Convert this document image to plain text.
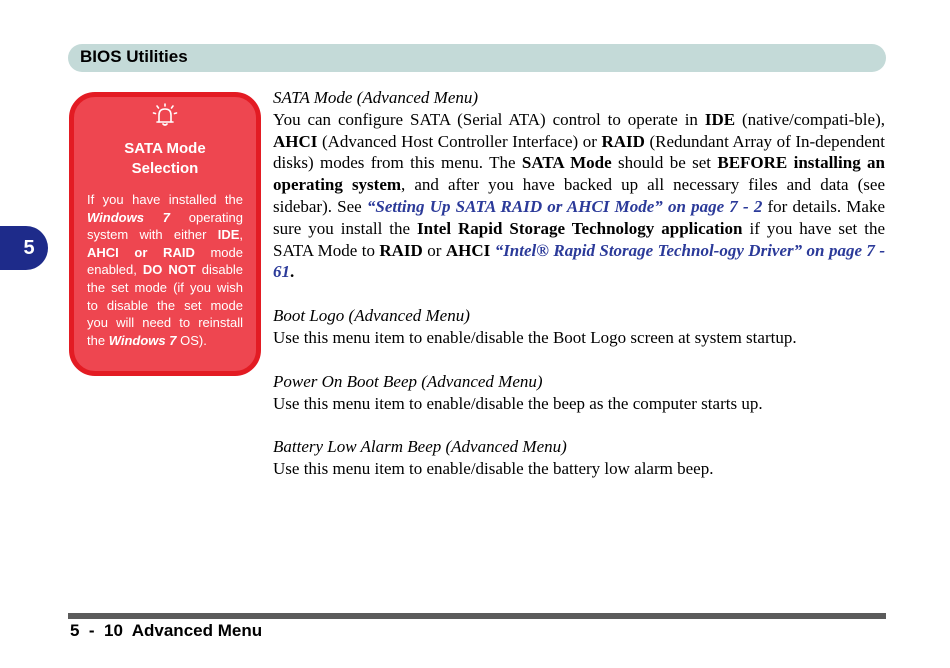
BIOS Utilities
5
SATA Mode
Selection
If you have installed the Windows 7 operating system with either IDE, AHCI or RAID mode enabled, DO NOT disable the set mode (if you wish to disable the set mode you will need to reinstall the Windows 7 OS).
SATA Mode (Advanced Menu)
You can configure SATA (Serial ATA) control to operate in IDE (native/compati-ble), AHCI (Advanced Host Controller Interface) or RAID (Redundant Array of In-dependent disks) modes from this menu. The SATA Mode should be set BEFORE installing an operating system, and after you have backed up all necessary files and data (see sidebar). See “Setting Up SATA RAID or AHCI Mode” on page 7 - 2 for details. Make sure you install the Intel Rapid Storage Technology application if you have set the SATA Mode to RAID or AHCI “Intel® Rapid Storage Technol-ogy Driver” on page 7 - 61.
Boot Logo (Advanced Menu)
Use this menu item to enable/disable the Boot Logo screen at system startup.
Power On Boot Beep (Advanced Menu)
Use this menu item to enable/disable the beep as the computer starts up.
Battery Low Alarm Beep (Advanced Menu)
Use this menu item to enable/disable the battery low alarm beep.
5  -  10  Advanced Menu
